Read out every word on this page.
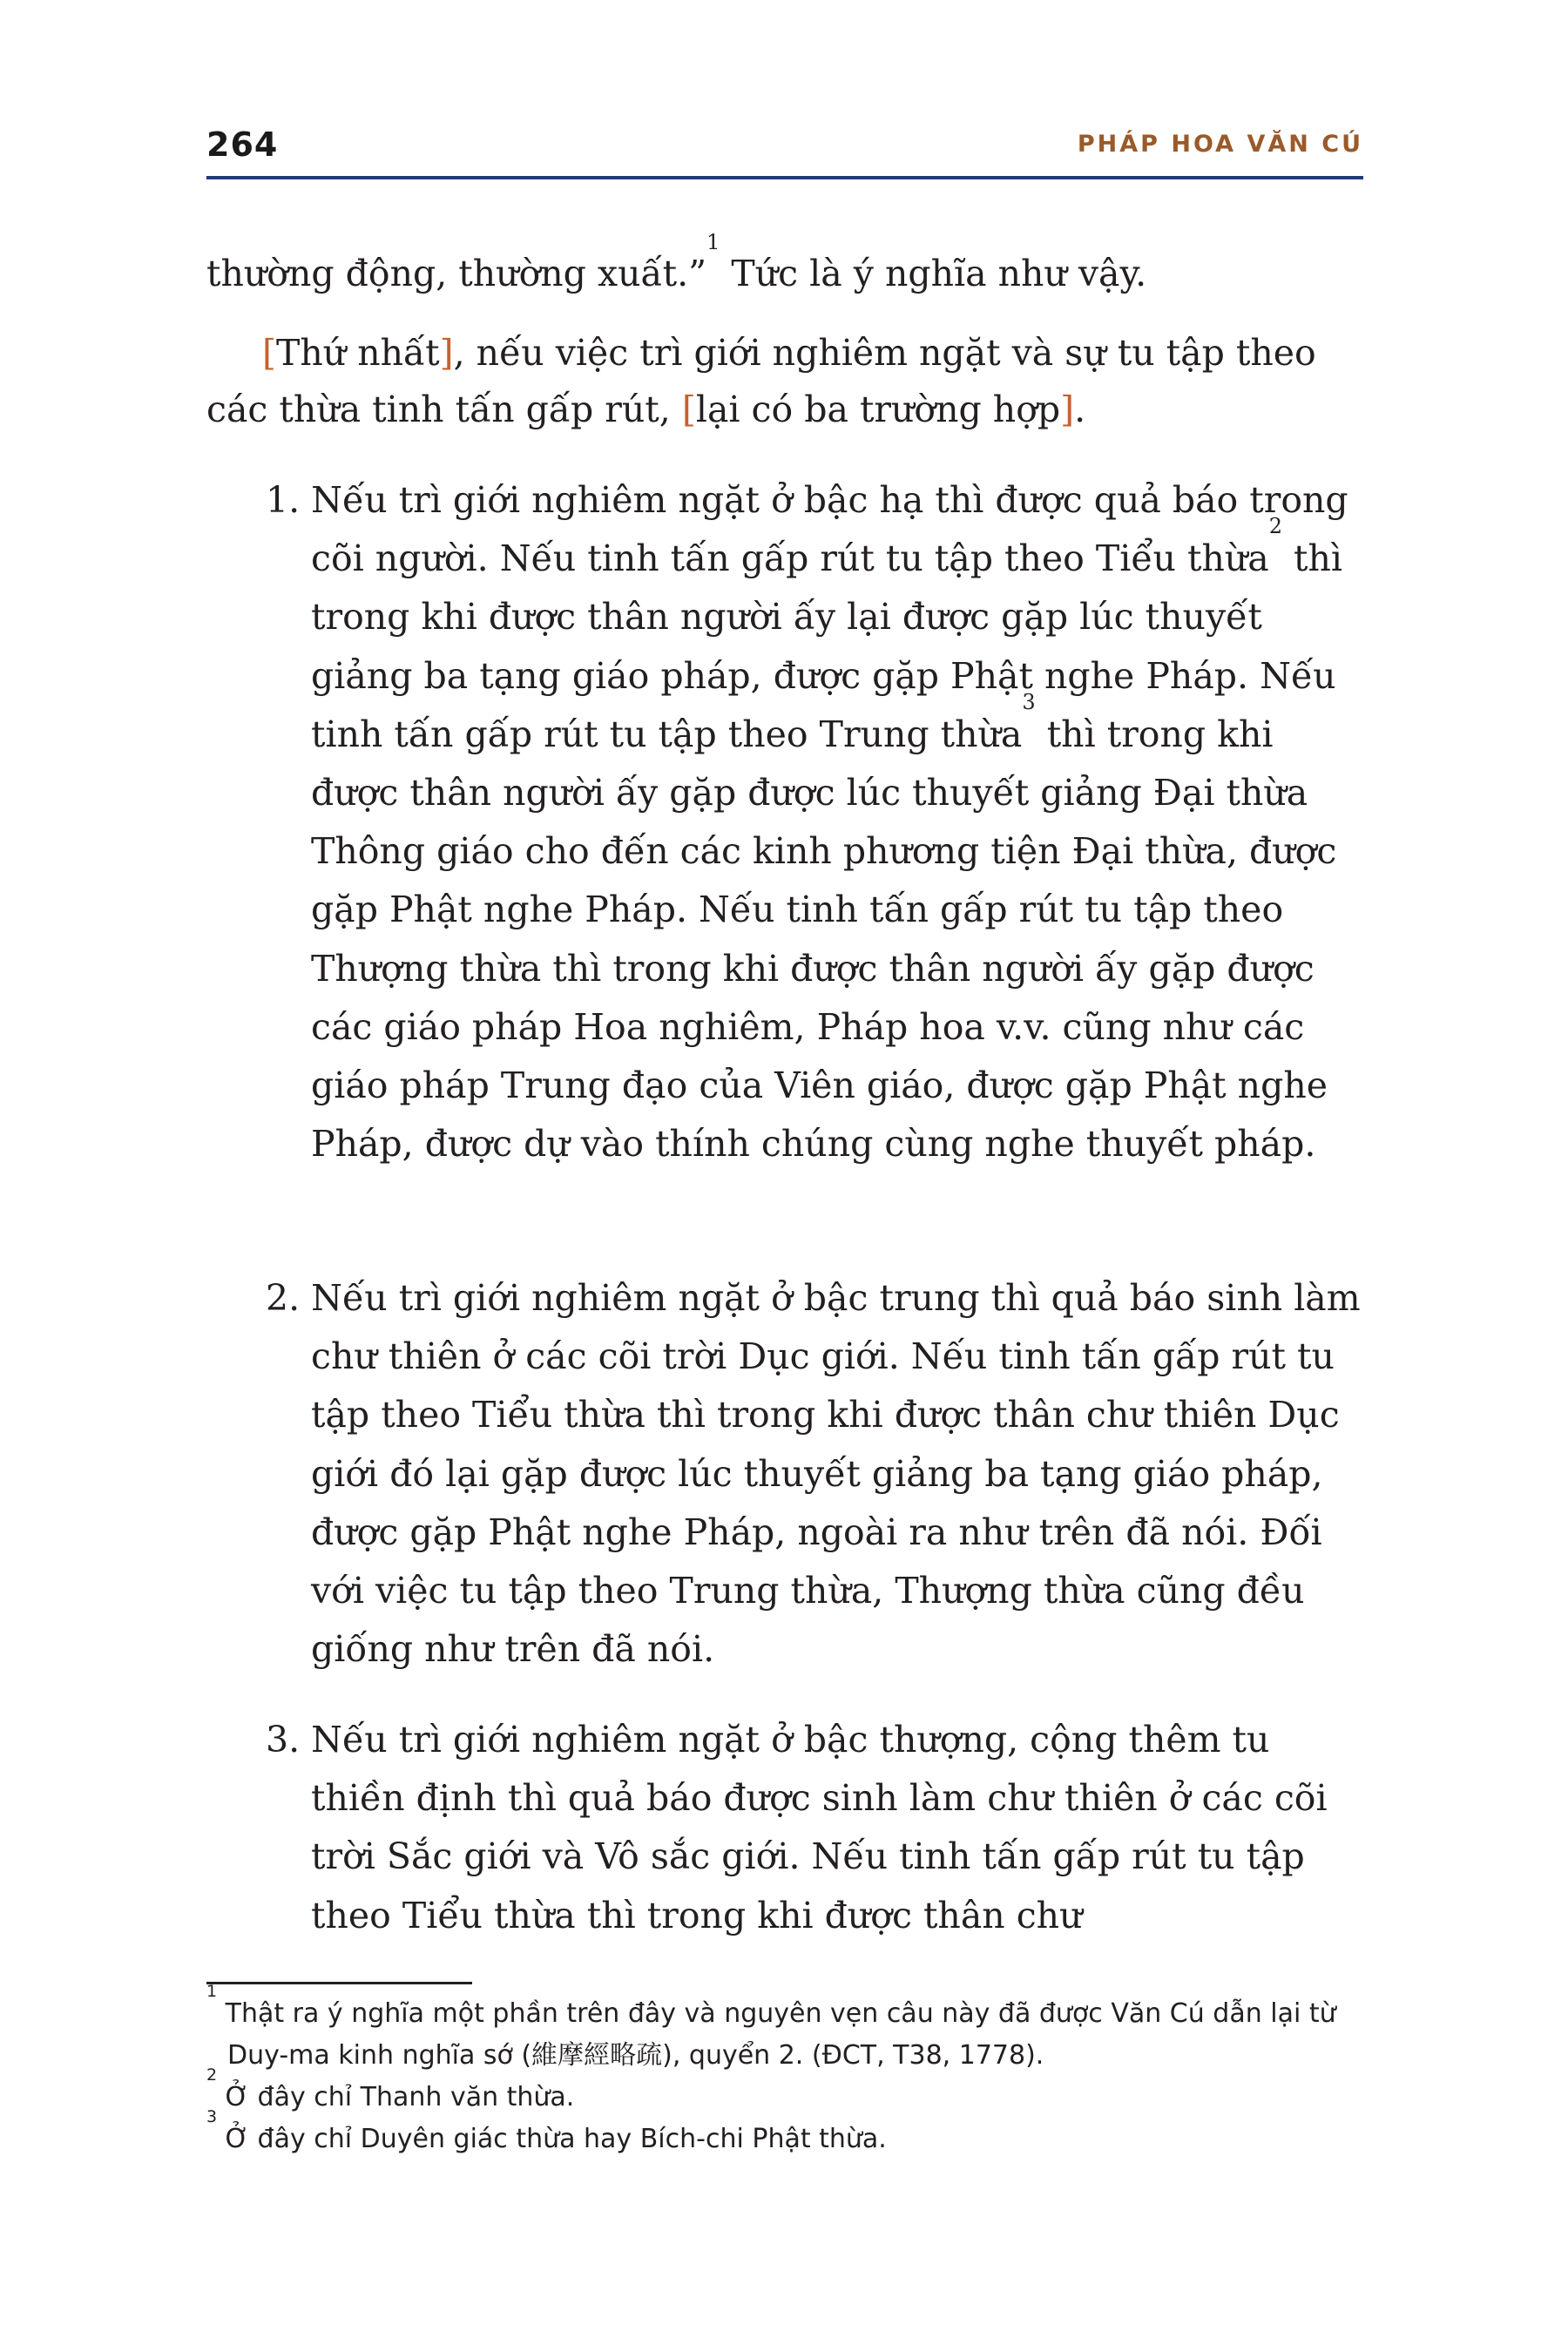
264	PHÁP HOA VĂN CÚ

thường động, thường xuất.”$^1$ Tức là ý nghĩa như vậy.

[Thứ nhất], nếu việc trì giới nghiêm ngặt và sự tu tập theo các thừa tinh tấn gấp rút, [lại có ba trường hợp].

1. Nếu trì giới nghiêm ngặt ở bậc hạ thì được quả báo trong cõi người. Nếu tinh tấn gấp rút tu tập theo Tiểu thừa$^2$ thì trong khi được thân người ấy lại được gặp lúc thuyết giảng ba tạng giáo pháp, được gặp Phật nghe Pháp. Nếu tinh tấn gấp rút tu tập theo Trung thừa$^3$ thì trong khi được thân người ấy gặp được lúc thuyết giảng Đại thừa Thông giáo cho đến các kinh phương tiện Đại thừa, được gặp Phật nghe Pháp. Nếu tinh tấn gấp rút tu tập theo Thượng thừa thì trong khi được thân người ấy gặp được các giáo pháp Hoa nghiêm, Pháp hoa v.v. cũng như các giáo pháp Trung đạo của Viên giáo, được gặp Phật nghe Pháp, được dự vào thính chúng cùng nghe thuyết pháp.
2. Nếu trì giới nghiêm ngặt ở bậc trung thì quả báo sinh làm chư thiên ở các cõi trời Dục giới. Nếu tinh tấn gấp rút tu tập theo Tiểu thừa thì trong khi được thân chư thiên Dục giới đó lại gặp được lúc thuyết giảng ba tạng giáo pháp, được gặp Phật nghe Pháp, ngoài ra như trên đã nói. Đối với việc tu tập theo Trung thừa, Thượng thừa cũng đều giống như trên đã nói.
3. Nếu trì giới nghiêm ngặt ở bậc thượng, cộng thêm tu thiền định thì quả báo được sinh làm chư thiên ở các cõi trời Sắc giới và Vô sắc giới. Nếu tinh tấn gấp rút tu tập theo Tiểu thừa thì trong khi được thân chư

$^1$ Thật ra ý nghĩa một phần trên đây và nguyên vẹn câu này đã được Văn Cú dẫn lại từ Duy-ma kinh nghĩa sớ (維摩經略疏), quyển 2. (ĐCT, T38, 1778).

$^2$ Ở đây chỉ Thanh văn thừa.

$^3$ Ở đây chỉ Duyên giác thừa hay Bích-chi Phật thừa.
